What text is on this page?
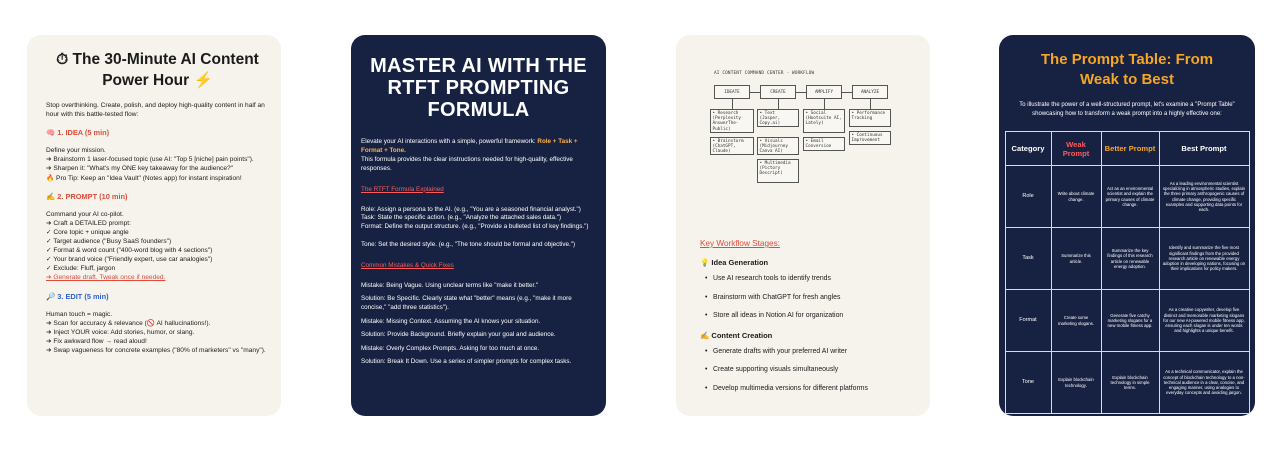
⏱ The 30-Minute AI Content Power Hour ⚡

Stop overthinking. Create, polish, and deploy high-quality content in half an hour with this battle-tested flow:

🧠 1. IDEA (5 min)

Define your mission.

➔ Brainstorm 1 laser-focused topic (use AI: "Top 5 [niche] pain points").

➔ Sharpen it: "What's my ONE key takeaway for the audience?"

🔥 Pro Tip: Keep an "Idea Vault" (Notes app) for instant inspiration!

✍ 2. PROMPT (10 min)

Command your AI co-pilot.

➔ Craft a DETAILED prompt:

✓ Core topic + unique angle

✓ Target audience ("Busy SaaS founders")

✓ Format & word count ("400-word blog with 4 sections")

✓ Your brand voice ("Friendly expert, use car analogies")

✓ Exclude: Fluff, jargon

➔ Generate draft. Tweak once if needed.

🔎 3. EDIT (5 min)

Human touch = magic.

➔ Scan for accuracy & relevance (🚫 AI hallucinations!).

➔ Inject YOUR voice: Add stories, humor, or slang.

➔ Fix awkward flow → read aloud!

➔ Swap vagueness for concrete examples ("80% of marketers" vs "many").

MASTER AI WITH THE RTFT PROMPTING FORMULA

Elevate your AI interactions with a simple, powerful framework: Role + Task + Format + Tone.

This formula provides the clear instructions needed for high-quality, effective responses.

The RTFT Formula Explained

Role: Assign a persona to the AI. (e.g., "You are a seasoned financial analyst.")

Task: State the specific action. (e.g., "Analyze the attached sales data.")

Format: Define the output structure. (e.g., "Provide a bulleted list of key findings.")

Tone: Set the desired style. (e.g., "The tone should be formal and objective.")

Common Mistakes & Quick Fixes

Mistake: Being Vague. Using unclear terms like "make it better."

Solution: Be Specific. Clearly state what "better" means (e.g., "make it more concise," "add three statistics").

Mistake: Missing Context. Assuming the AI knows your situation.

Solution: Provide Background. Briefly explain your goal and audience.

Mistake: Overly Complex Prompts. Asking for too much at once.

Solution: Break It Down. Use a series of simpler prompts for complex tasks.

AI CONTENT COMMAND CENTER - WORKFLOW
IDEATE	CREATE	AMPLIFY	ANALYZE
• Research (Perplexity AnswerThe-Public)
• Brainstorm (ChatGPT, Claude)
• Text (Jasper, Copy.ai)
• Visuals (Midjourney Canva AI)
• Multimedia (Pictory Descript)
• Social (Hootsuite AI, Lately)
• Email Conversion
• Performance Tracking
• Continuous Improvement
Key Workflow Stages:
💡 Idea Generation
• Use AI research tools to identify trends
• Brainstorm with ChatGPT for fresh angles
• Store all ideas in Notion AI for organization
✍ Content Creation
• Generate drafts with your preferred AI writer
• Create supporting visuals simultaneously
• Develop multimedia versions for different platforms
The Prompt Table: From Weak to Best
To illustrate the power of a well-structured prompt, let's examine a "Prompt Table" showcasing how to transform a weak prompt into a highly effective one:
Category	Weak Prompt	Better Prompt	Best Prompt
Role	Write about climate change.	Act as an environmental scientist and explain the primary causes of climate change.	As a leading environmental scientist specializing in atmospheric studies, explain the three primary anthropogenic causes of climate change, providing specific examples and supporting data points for each.
Task	Summarize this article.	Summarize the key findings of this research article on renewable energy adoption.	Identify and summarize the five most significant findings from the provided research article on renewable energy adoption in developing nations, focusing on their implications for policy makers.
Format	Create some marketing slogans.	Generate five catchy marketing slogans for a new mobile fitness app.	As a creative copywriter, develop five distinct and memorable marketing slogans for our new AI-powered mobile fitness app, ensuring each slogan is under ten words and highlights a unique benefit.
Tone	Explain blockchain technology.	Explain blockchain technology in simple terms.	As a technical communicator, explain the concept of blockchain technology to a non-technical audience in a clear, concise, and engaging manner, using analogies to everyday concepts and avoiding jargon.
